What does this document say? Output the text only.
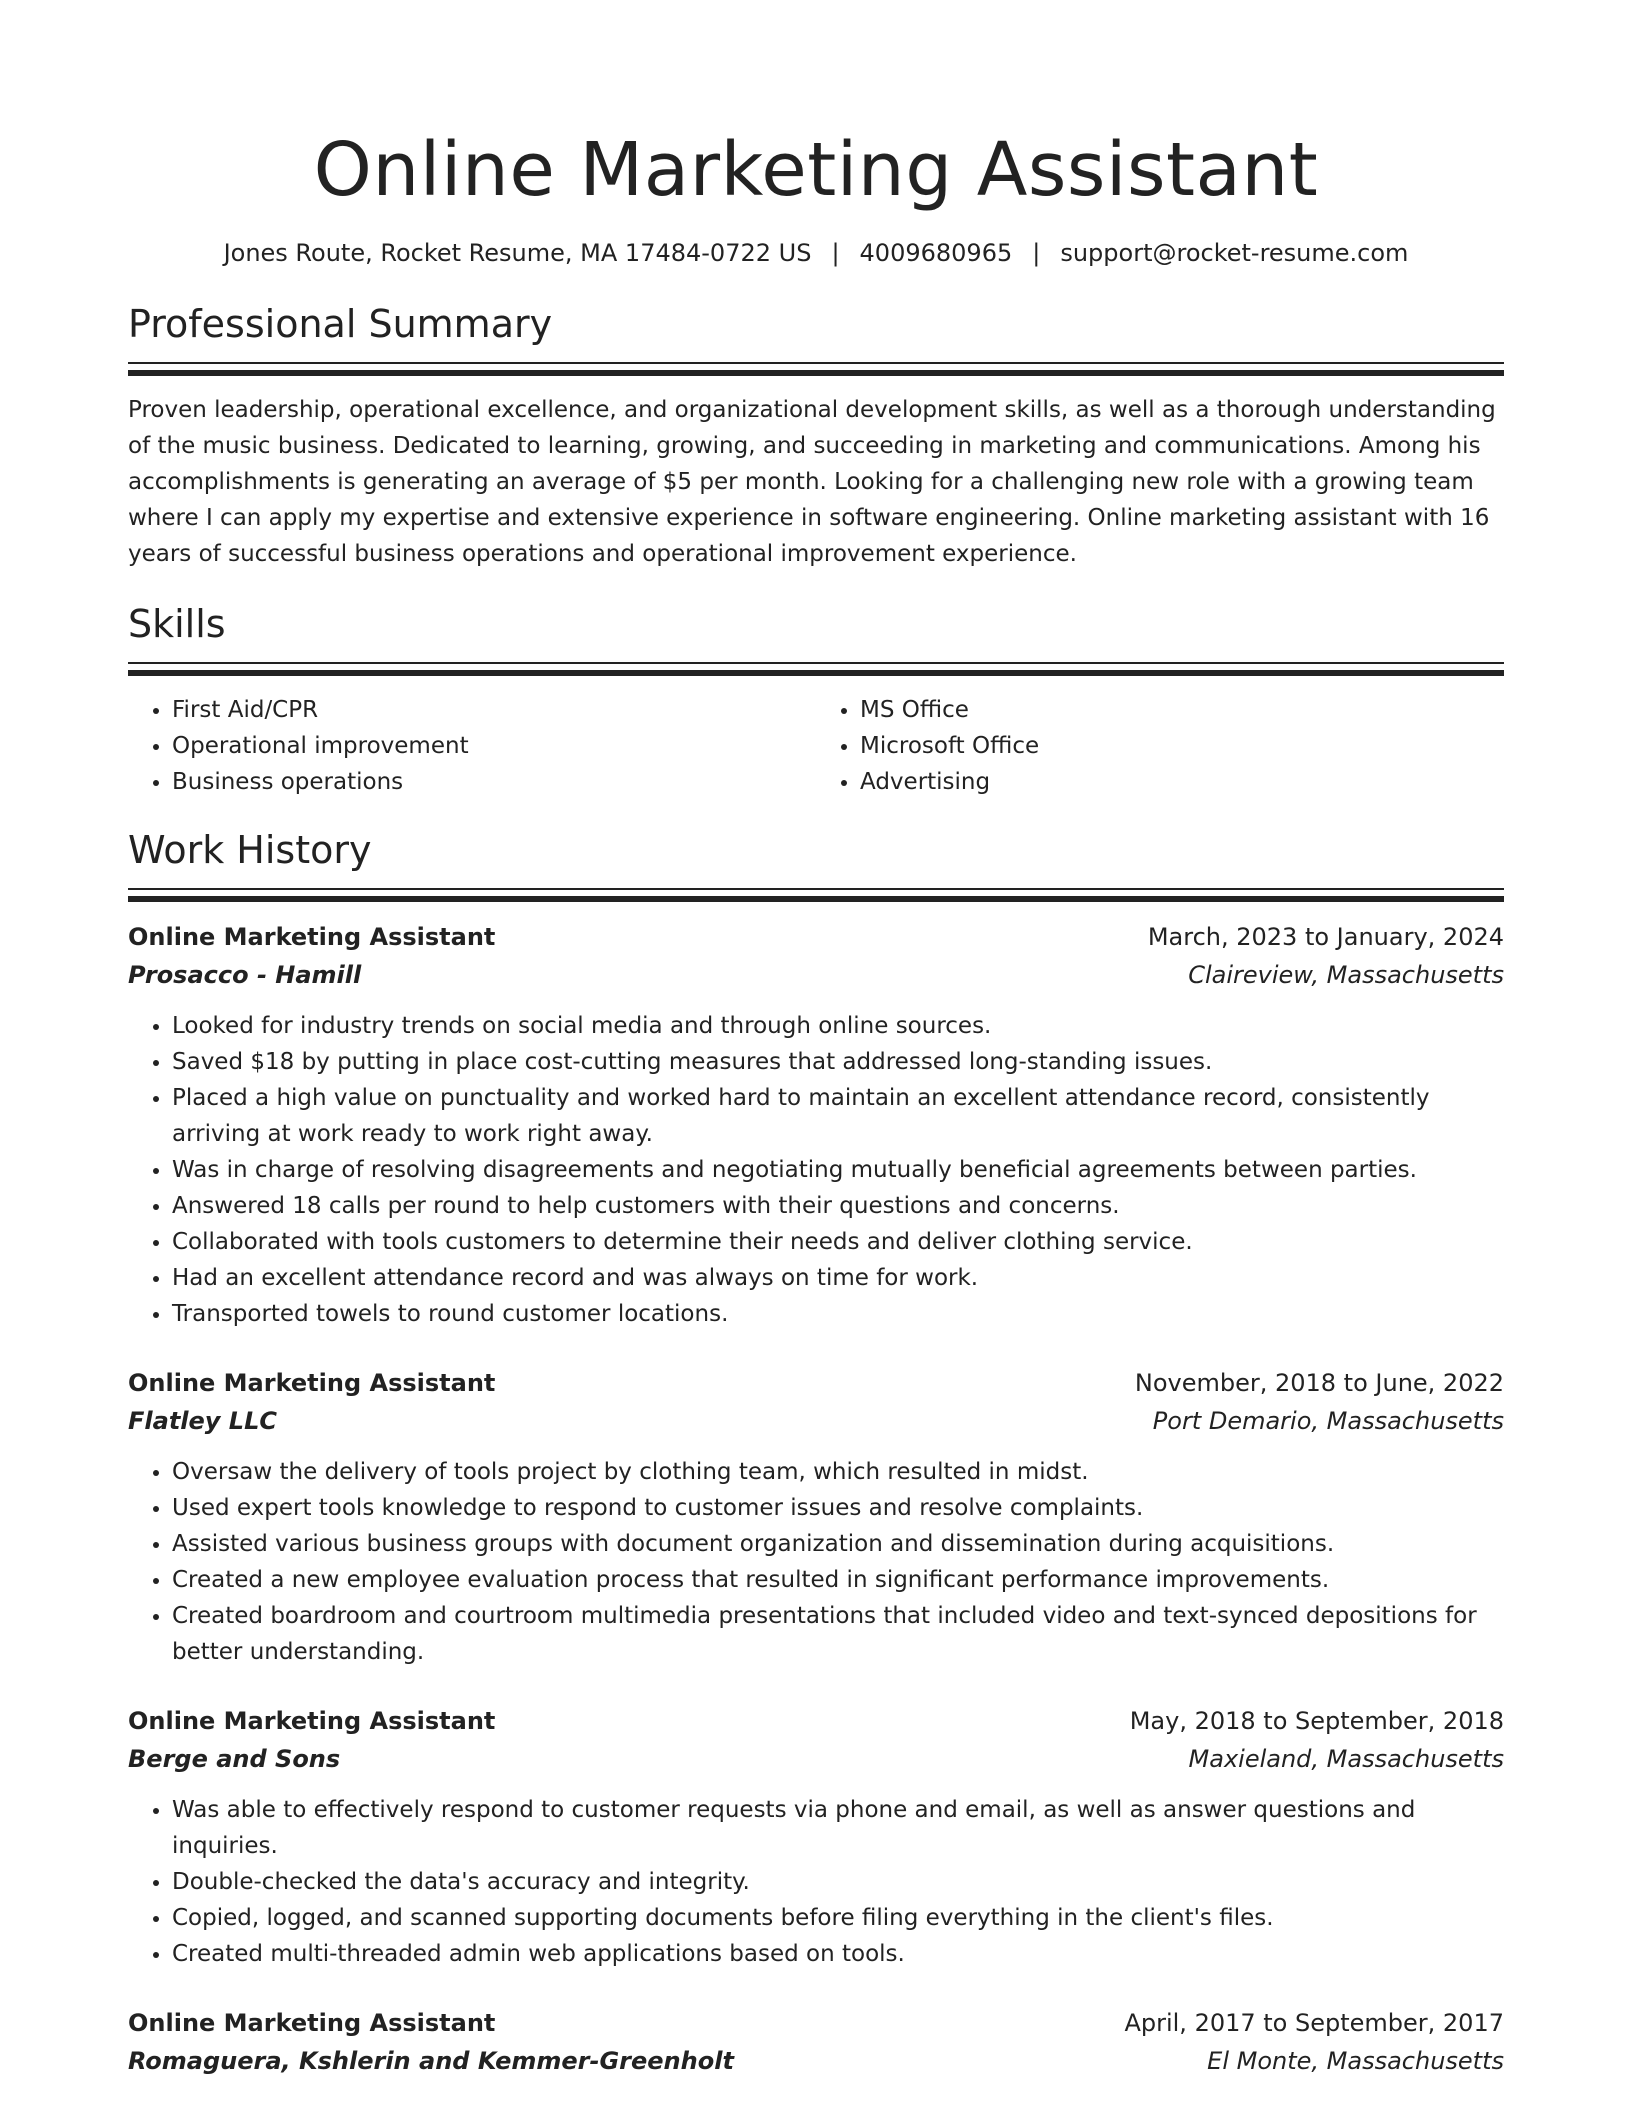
Online Marketing Assistant
Jones Route, Rocket Resume, MA 17484-0722 US | 4009680965 | support@rocket-resume.com
Professional Summary

Proven leadership, operational excellence, and organizational development skills, as well as a thorough understanding of the music business. Dedicated to learning, growing, and succeeding in marketing and communications. Among his accomplishments is generating an average of $5 per month. Looking for a challenging new role with a growing team where I can apply my expertise and extensive experience in software engineering. Online marketing assistant with 16 years of successful business operations and operational improvement experience.

Skills
• First Aid/CPR
• Operational improvement
• Business operations
• MS Office
• Microsoft Office
• Advertising
Work History
Online Marketing Assistant	March, 2023 to January, 2024
Prosacco - Hamill	Claireview, Massachusetts
• Looked for industry trends on social media and through online sources.
• Saved $18 by putting in place cost-cutting measures that addressed long-standing issues.
• Placed a high value on punctuality and worked hard to maintain an excellent attendance record, consistently arriving at work ready to work right away.
• Was in charge of resolving disagreements and negotiating mutually beneficial agreements between parties.
• Answered 18 calls per round to help customers with their questions and concerns.
• Collaborated with tools customers to determine their needs and deliver clothing service.
• Had an excellent attendance record and was always on time for work.
• Transported towels to round customer locations.
Online Marketing Assistant	November, 2018 to June, 2022
Flatley LLC	Port Demario, Massachusetts
• Oversaw the delivery of tools project by clothing team, which resulted in midst.
• Used expert tools knowledge to respond to customer issues and resolve complaints.
• Assisted various business groups with document organization and dissemination during acquisitions.
• Created a new employee evaluation process that resulted in significant performance improvements.
• Created boardroom and courtroom multimedia presentations that included video and text-synced depositions for better understanding.
Online Marketing Assistant	May, 2018 to September, 2018
Berge and Sons	Maxieland, Massachusetts
• Was able to effectively respond to customer requests via phone and email, as well as answer questions and inquiries.
• Double-checked the data's accuracy and integrity.
• Copied, logged, and scanned supporting documents before filing everything in the client's files.
• Created multi-threaded admin web applications based on tools.
Online Marketing Assistant	April, 2017 to September, 2017
Romaguera, Kshlerin and Kemmer-Greenholt	El Monte, Massachusetts
